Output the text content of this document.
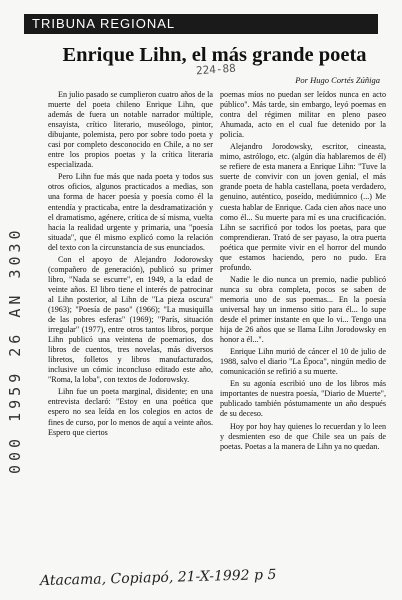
TRIBUNA REGIONAL
Enrique Lihn, el más grande poeta
224-88
Por Hugo Cortés Zúñiga
000 1959 26 AN 3030

En julio pasado se cumplieron cuatro años de la muerte del poeta chileno Enrique Lihn, que además de fuera un notable narrador múltiple, ensayista, crítico literario, museólogo, pintor, dibujante, polemista, pero por sobre todo poeta y casi por completo desconocido en Chile, a no ser entre los propios poetas y la crítica literaria especializada.

Pero Lihn fue más que nada poeta y todos sus otros oficios, algunos practicados a medias, son una forma de hacer poesía y poesía como él la entendía y practicaba, entre la desdramatización y el dramatismo, agénere, crítica de sí misma, vuelta hacia la realidad urgente y primaria, una "poesía situada", que él mismo explicó como la relación del texto con la circunstancia de sus enunciados.

Con el apoyo de Alejandro Jodorowsky (compañero de generación), publicó su primer libro, "Nada se escurre", en 1949, a la edad de veinte años. El libro tiene el interés de patrocinar al Lihn posterior, al Lihn de "La pieza oscura" (1963); "Poesía de paso" (1966); "La musiquilla de las pobres esferas" (1969); "París, situación irregular" (1977), entre otros tantos libros, porque Lihn publicó una veintena de poemarios, dos libros de cuentos, tres novelas, más diversos libretos, folletos y libros manufacturados, inclusive un cómic inconcluso editado este año, "Roma, la loba", con textos de Jodorowsky.

Lihn fue un poeta marginal, disidente; en una entrevista declaró: "Estoy en una poética que espero no sea leída en los colegios en actos de fines de curso, por lo menos de aquí a veinte años. Espero que ciertos

poemas míos no puedan ser leídos nunca en acto público". Más tarde, sin embargo, leyó poemas en contra del régimen militar en pleno paseo Ahumada, acto en el cual fue detenido por la policía.

Alejandro Jorodowsky, escritor, cineasta, mimo, astrólogo, etc. (algún día hablaremos de él) se refiere de esta manera a Enrique Lihn: "Tuve la suerte de convivir con un joven genial, el más grande poeta de habla castellana, poeta verdadero, genuino, auténtico, poseído, mediúmnico (...) Me cuesta hablar de Enrique. Cada cien años nace uno como él... Su muerte para mí es una crucificación. Lihn se sacrificó por todos los poetas, para que comprendieran. Trató de ser payaso, la otra puerta poética que permite vivir en el horror del mundo que estamos haciendo, pero no pudo. Era profundo.

Nadie le dio nunca un premio, nadie publicó nunca su obra completa, pocos se saben de memoria uno de sus poemas... En la poesía universal hay un inmenso sitio para él... lo supe desde el primer instante en que lo vi... Tengo una hija de 26 años que se llama Lihn Jorodowsky en honor a él...".

Enrique Lihn murió de cáncer el 10 de julio de 1988, salvo el diario "La Época", ningún medio de comunicación se refirió a su muerte.

En su agonía escribió uno de los libros más importantes de nuestra poesía, "Diario de Muerte", publicado también póstumamente un año después de su deceso.

Hoy por hoy hay quienes lo recuerdan y lo leen y desmienten eso de que Chile sea un país de poetas. Poetas a la manera de Lihn ya no quedan.

Atacama, Copiapó, 21-X-1992 p 5
